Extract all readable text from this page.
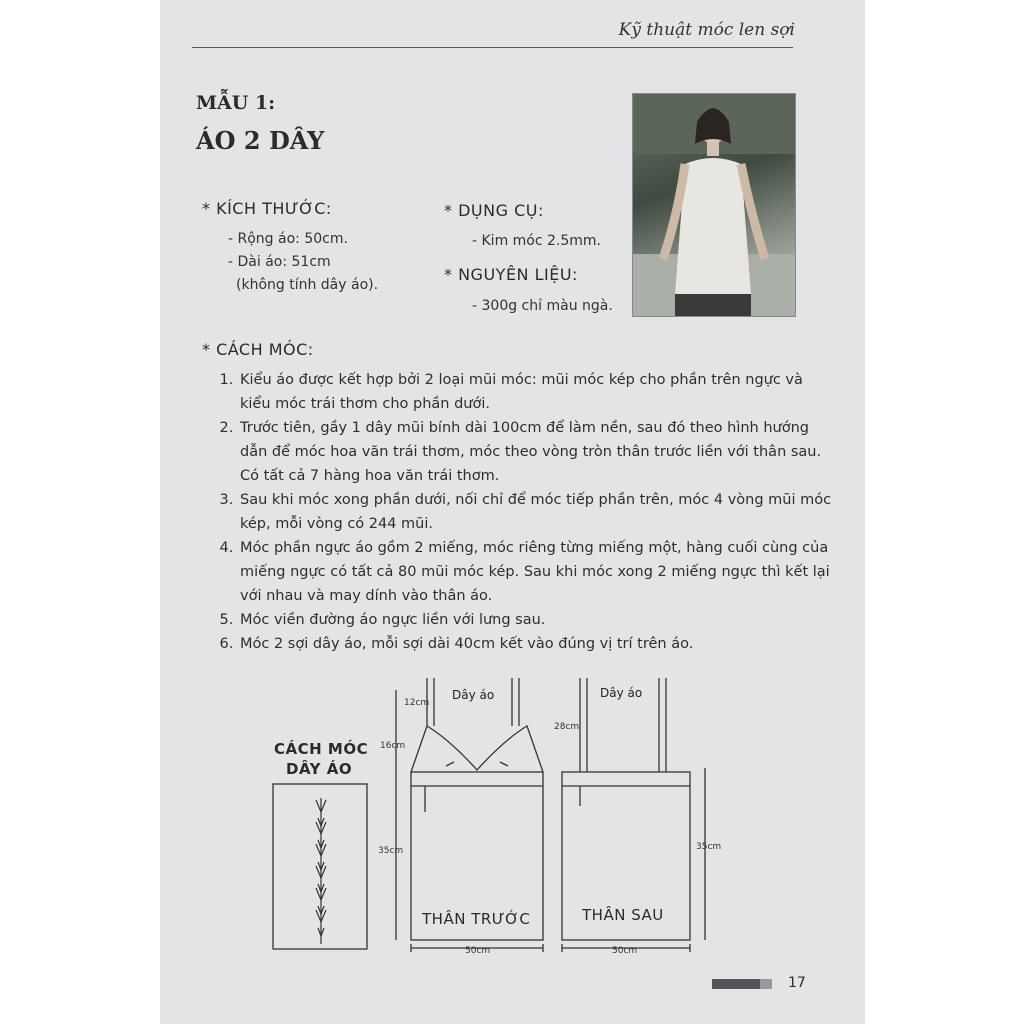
Kỹ thuật móc len sợi
MẪU 1:
ÁO 2 DÂY
* KÍCH THƯỚC:
- Rộng áo: 50cm.
- Dài áo: 51cm
(không tính dây áo).
* DỤNG CỤ:
- Kim móc 2.5mm.
* NGUYÊN LIỆU:
- 300g chỉ màu ngà.
* CÁCH MÓC:
1. Kiểu áo được kết hợp bởi 2 loại mũi móc: mũi móc kép cho phần trên ngực và kiểu móc trái thơm cho phần dưới.
2. Trước tiên, gầy 1 dây mũi bính dài 100cm để làm nền, sau đó theo hình hướng dẫn để móc hoa văn trái thơm, móc theo vòng tròn thân trước liền với thân sau. Có tất cả 7 hàng hoa văn trái thơm.
3. Sau khi móc xong phần dưới, nối chỉ để móc tiếp phần trên, móc 4 vòng mũi móc kép, mỗi vòng có 244 mũi.
4. Móc phần ngực áo gồm 2 miếng, móc riêng từng miếng một, hàng cuối cùng của miếng ngực có tất cả 80 mũi móc kép. Sau khi móc xong 2 miếng ngực thì kết lại với nhau và may dính vào thân áo.
5. Móc viền đường áo ngực liền với lưng sau.
6. Móc 2 sợi dây áo, mỗi sợi dài 40cm kết vào đúng vị trí trên áo.
CÁCH MÓC
DÂY ÁO
Dây áo
12cm
16cm
35cm
50cm
THÂN TRƯỚC
Dây áo
28cm
35cm
50cm
THÂN SAU
17
